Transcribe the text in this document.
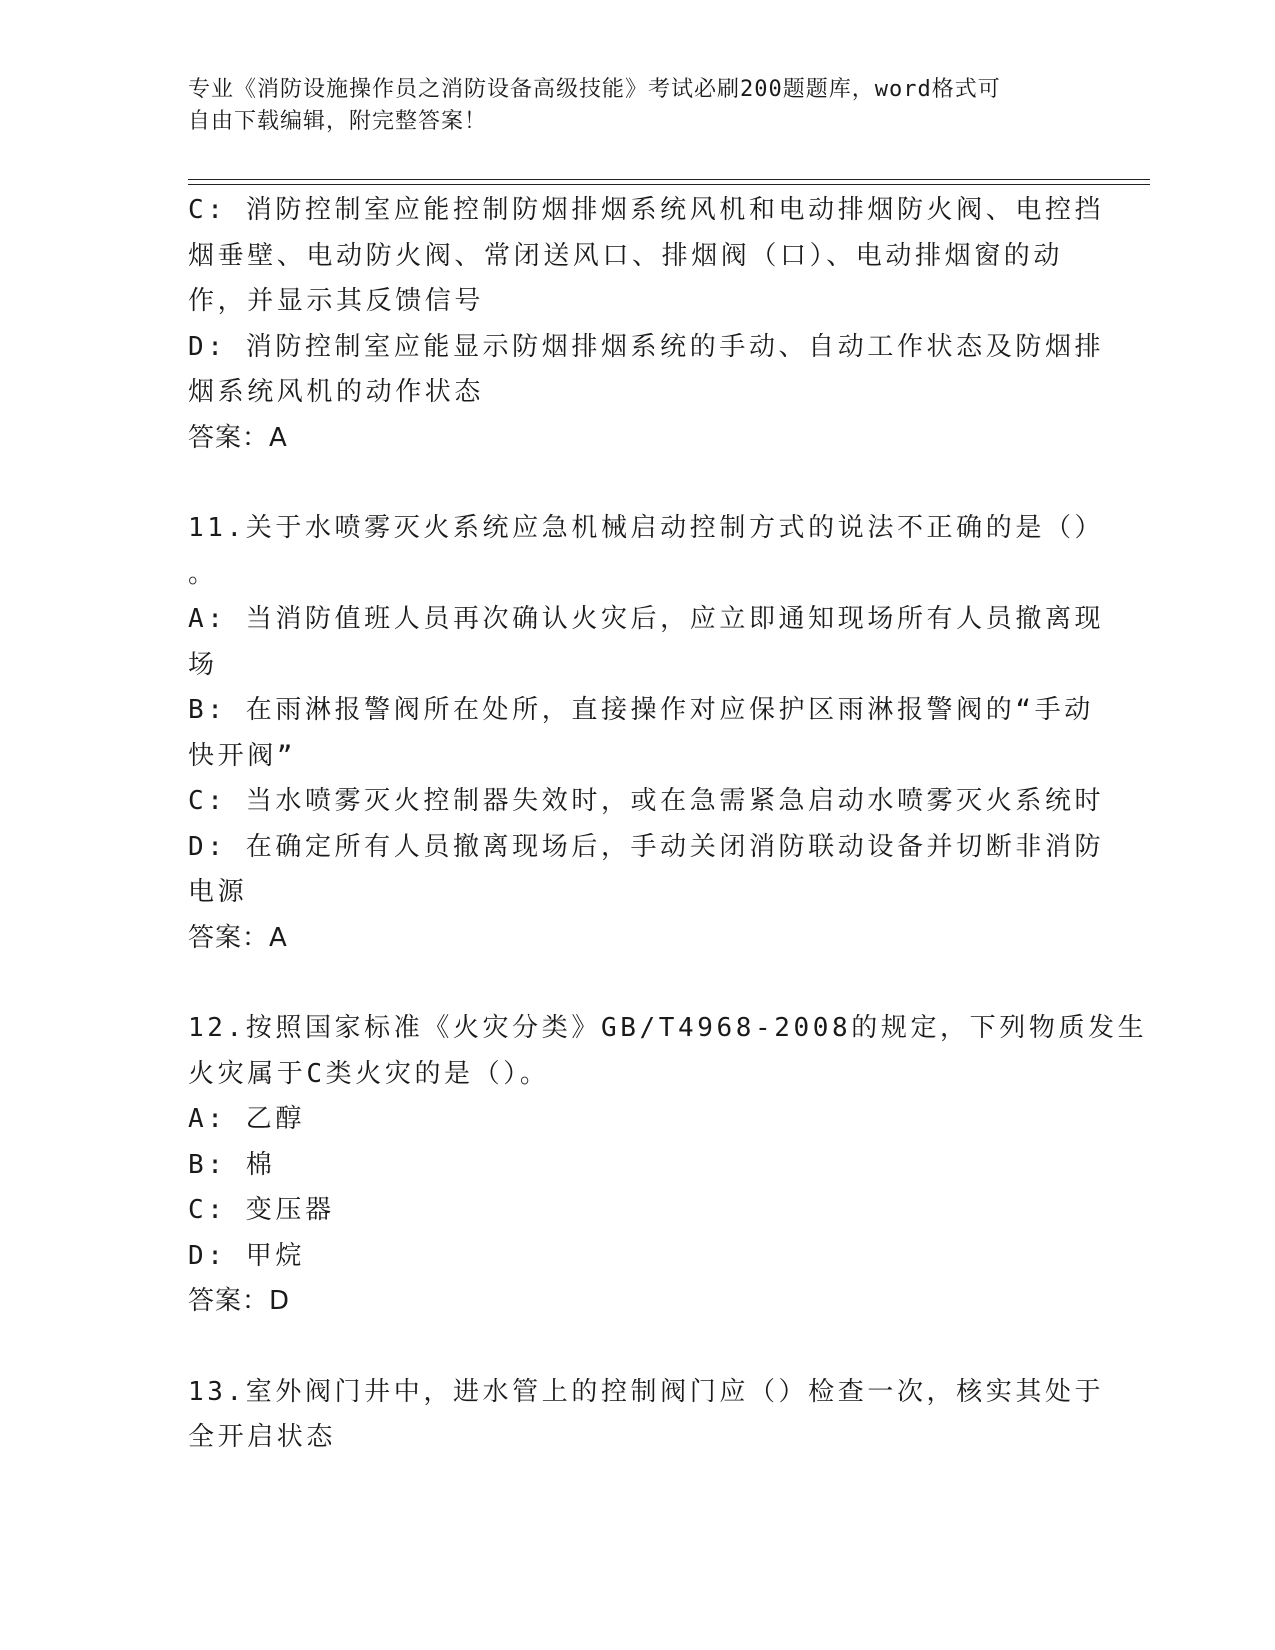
专业《消防设施操作员之消防设备高级技能》考试必刷200题题库，word格式可
自由下载编辑，附完整答案！
C: 消防控制室应能控制防烟排烟系统风机和电动排烟防火阀、电控挡
烟垂壁、电动防火阀、常闭送风口、排烟阀（口）、电动排烟窗的动
作，并显示其反馈信号
D: 消防控制室应能显示防烟排烟系统的手动、自动工作状态及防烟排
烟系统风机的动作状态
答案：A
11.关于水喷雾灭火系统应急机械启动控制方式的说法不正确的是（）
。
A: 当消防值班人员再次确认火灾后，应立即通知现场所有人员撤离现
场
B: 在雨淋报警阀所在处所，直接操作对应保护区雨淋报警阀的“手动
快开阀”
C: 当水喷雾灭火控制器失效时，或在急需紧急启动水喷雾灭火系统时
D: 在确定所有人员撤离现场后，手动关闭消防联动设备并切断非消防
电源
答案：A
12.按照国家标准《火灾分类》GB/T4968-2008的规定，下列物质发生
火灾属于C类火灾的是（）。
A: 乙醇
B: 棉
C: 变压器
D: 甲烷
答案：D
13.室外阀门井中，进水管上的控制阀门应（）检查一次，核实其处于
全开启状态
